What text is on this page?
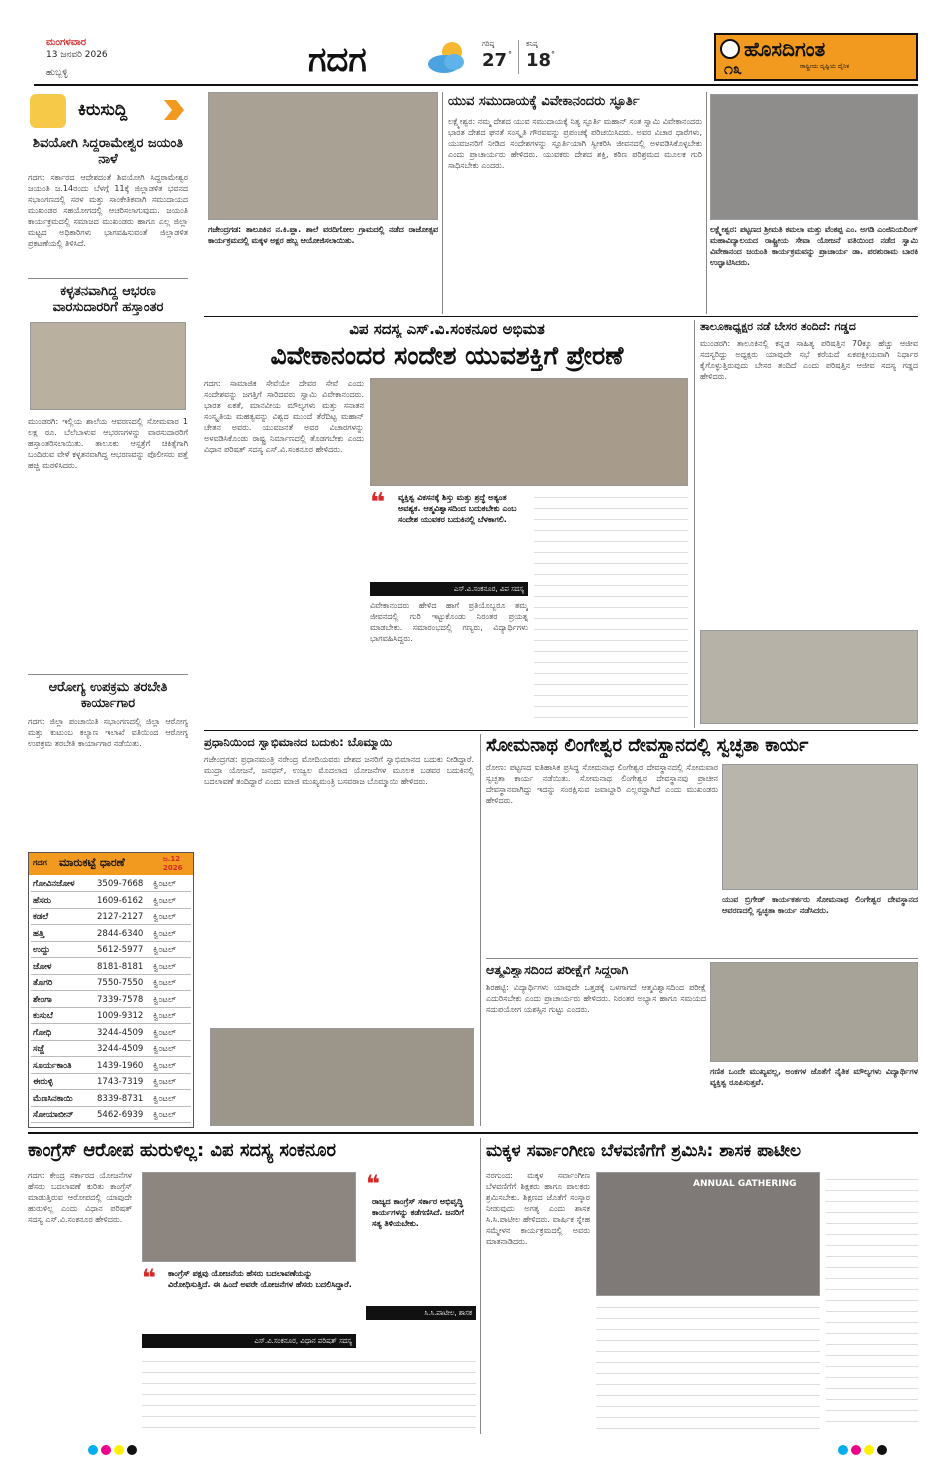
ಮಂಗಳವಾರ
13 ಜನವರಿ 2026
ಹುಬ್ಬಳ್ಳಿ	ಗದಗ	ಗರಿಷ್ಠ
27 °
ಕನಿಷ್ಠ
18 °	ಹೊಸದಿಗಂತ
ರಾಷ್ಟ್ರೀಯ ದೃಷ್ಟಿಯ ದೈನಿಕ
೧೩
ಕಿರುಸುದ್ದಿ
ಶಿವಯೋಗಿ ಸಿದ್ದರಾಮೇಶ್ವರ ಜಯಂತಿ ನಾಳೆ
ಗದಗ: ಸರ್ಕಾರದ ಆದೇಶದಂತೆ ಶಿವಯೋಗಿ ಸಿದ್ದರಾಮೇಶ್ವರ ಜಯಂತಿ ಜ.14ರಂದು ಬೆಳಗ್ಗೆ 11ಕ್ಕೆ ಜಿಲ್ಲಾಡಳಿತ ಭವನದ ಸಭಾಂಗಣದಲ್ಲಿ ಸರಳ ಮತ್ತು ಸಾಂಕೇತಿಕವಾಗಿ ಸಮುದಾಯದ ಮುಖಂಡರ ಸಹಯೋಗದಲ್ಲಿ ಆಚರಿಸಲಾಗುವುದು. ಜಯಂತಿ ಕಾರ್ಯಕ್ರಮದಲ್ಲಿ ಸಮಾಜದ ಮುಖಂಡರು ಹಾಗೂ ಎಲ್ಲ ಜಿಲ್ಲಾ ಮಟ್ಟದ ಅಧಿಕಾರಿಗಳು ಭಾಗವಹಿಸುವಂತೆ ಜಿಲ್ಲಾಡಳಿತ ಪ್ರಕಟಣೆಯಲ್ಲಿ ತಿಳಿಸಿದೆ.
ಕಳ್ಳತನವಾಗಿದ್ದ ಆಭರಣ ವಾರಸುದಾರರಿಗೆ ಹಸ್ತಾಂತರ
ಮುಂಡರಗಿ: ಇಲ್ಲಿಯ ಶಾಲೆಯ ಆವರಣದಲ್ಲಿ ಸೋಮವಾರ 1 ಲಕ್ಷ ರೂ. ಬೆಲೆಬಾಳುವ ಆಭರಣಗಳನ್ನು ವಾರಸುದಾರರಿಗೆ ಹಸ್ತಾಂತರಿಸಲಾಯಿತು. ತಾಲೂಕು ಆಸ್ಪತ್ರೆಗೆ ಚಿಕಿತ್ಸೆಗಾಗಿ ಬಂದಿರುವ ವೇಳೆ ಕಳ್ಳತನವಾಗಿದ್ದ ಆಭರಣವನ್ನು ಪೊಲೀಸರು ಪತ್ತೆ ಹಚ್ಚಿ ಮರಳಿಸಿದರು.
ಆರೋಗ್ಯ ಉಪಕ್ರಮ ತರಬೇತಿ ಕಾರ್ಯಾಗಾರ
ಗದಗ: ಜಿಲ್ಲಾ ಪಂಚಾಯಿತಿ ಸಭಾಂಗಣದಲ್ಲಿ ಜಿಲ್ಲಾ ಆರೋಗ್ಯ ಮತ್ತು ಕುಟುಂಬ ಕಲ್ಯಾಣ ಇಲಾಖೆ ವತಿಯಿಂದ ಆರೋಗ್ಯ ಉಪಕ್ರಮ ತರಬೇತಿ ಕಾರ್ಯಾಗಾರ ನಡೆಯಿತು.
ಗದಗ ಮಾರುಕಟ್ಟೆ ಧಾರಣೆ	ಜ.12 2026
ಗೋವಿನಜೋಳ	3509-7668	ಕ್ವಿಂಟಲ್
ಹೆಸರು	1609-6162	ಕ್ವಿಂಟಲ್
ಕಡಲೆ	2127-2127	ಕ್ವಿಂಟಲ್
ಹತ್ತಿ	2844-6340	ಕ್ವಿಂಟಲ್
ಉದ್ದು	5612-5977	ಕ್ವಿಂಟಲ್
ಜೋಳ	8181-8181	ಕ್ವಿಂಟಲ್
ತೊಗರಿ	7550-7550	ಕ್ವಿಂಟಲ್
ಶೇಂಗಾ	7339-7578	ಕ್ವಿಂಟಲ್
ಕುಸುಬೆ	1009-9312	ಕ್ವಿಂಟಲ್
ಗೋಧಿ	3244-4509	ಕ್ವಿಂಟಲ್
ಸಜ್ಜೆ	3244-4509	ಕ್ವಿಂಟಲ್
ಸೂರ್ಯಕಾಂತಿ	1439-1960	ಕ್ವಿಂಟಲ್
ಈರುಳ್ಳಿ	1743-7319	ಕ್ವಿಂಟಲ್
ಮೆಣಸಿನಕಾಯಿ	8339-8731	ಕ್ವಿಂಟಲ್
ಸೋಯಾಬೀನ್	5462-6939	ಕ್ವಿಂಟಲ್
ಗಜೇಂದ್ರಗಡ: ತಾಲೂಕಿನ ನ.ಕಿ.ಪ್ಲಾ. ಶಾಲೆ ವರದಿಗೋಲ ಗ್ರಾಮದಲ್ಲಿ ನಡೆದ ರಾಜೋತ್ಸವ ಕಾರ್ಯಕ್ರಮದಲ್ಲಿ ಮಕ್ಕಳ ಅಕ್ಷರ ಹಬ್ಬ ಆಯೋಜಿಸಲಾಯಿತು.
ಯುವ ಸಮುದಾಯಕ್ಕೆ ವಿವೇಕಾನಂದರು ಸ್ಫೂರ್ತಿ
ಲಕ್ಷ್ಮೇಶ್ವರ: ನಮ್ಮ ದೇಶದ ಯುವ ಸಮುದಾಯಕ್ಕೆ ನಿತ್ಯ ಸ್ಫೂರ್ತಿ ಮಹಾನ್ ಸಂತ ಸ್ವಾಮಿ ವಿವೇಕಾನಂದರು ಭಾರತ ದೇಶದ ಘನತೆ ಸಂಸ್ಕೃತಿ ಗೌರವವನ್ನು ಪ್ರಪಂಚಕ್ಕೆ ಪರಿಚಯಿಸಿದರು. ಅವರ ವಿಚಾರ ಧಾರೆಗಳು, ಯುವಜನರಿಗೆ ನೀಡಿದ ಸಂದೇಶಗಳನ್ನು ಸ್ಫೂರ್ತಿಯಾಗಿ ಸ್ವೀಕರಿಸಿ ಜೀವನದಲ್ಲಿ ಅಳವಡಿಸಿಕೊಳ್ಳಬೇಕು ಎಂದು ಪ್ರಾಚಾರ್ಯರು ಹೇಳಿದರು. ಯುವಕರು ದೇಶದ ಶಕ್ತಿ, ಕಠಿಣ ಪರಿಶ್ರಮದ ಮೂಲಕ ಗುರಿ ಸಾಧಿಸಬೇಕು ಎಂದರು.
ಲಕ್ಷ್ಮೇಶ್ವರ: ಪಟ್ಟಣದ ಶ್ರೀಮತಿ ಕಮಲಾ ಮತ್ತು ವೆಂಕಪ್ಪ ಎಂ. ಅಗಡಿ ಎಂಜಿನಿಯರಿಂಗ್ ಮಹಾವಿದ್ಯಾಲಯದ ರಾಷ್ಟ್ರೀಯ ಸೇವಾ ಯೋಜನೆ ವತಿಯಿಂದ ನಡೆದ ಸ್ವಾಮಿ ವಿವೇಕಾನಂದ ಜಯಂತಿ ಕಾರ್ಯಕ್ರಮವನ್ನು ಪ್ರಾಚಾರ್ಯ ಡಾ. ಪರಶುರಾಮ ಬಾರಕಿ ಉದ್ಘಾಟಿಸಿದರು.
ವಿಪ ಸದಸ್ಯ ಎಸ್.ವಿ.ಸಂಕನೂರ ಅಭಿಮತ
ವಿವೇಕಾನಂದರ ಸಂದೇಶ ಯುವಶಕ್ತಿಗೆ ಪ್ರೇರಣೆ
ಗದಗ: ಸಾಮಾಜಿಕ ಸೇವೆಯೇ ದೇವರ ಸೇವೆ ಎಂದು ಸಂದೇಶವನ್ನು ಜಗತ್ತಿಗೆ ಸಾರಿದವರು ಸ್ವಾಮಿ ವಿವೇಕಾನಂದರು. ಭಾರತ ಏಕತೆ, ಮಾನವೀಯ ಮೌಲ್ಯಗಳು ಮತ್ತು ಸನಾತನ ಸಂಸ್ಕೃತಿಯ ಮಹತ್ವವನ್ನು ವಿಶ್ವದ ಮುಂದೆ ತೆರೆದಿಟ್ಟ ಮಹಾನ್ ಚೇತನ ಅವರು. ಯುವಜನತೆ ಅವರ ವಿಚಾರಗಳನ್ನು ಅಳವಡಿಸಿಕೊಂಡು ರಾಷ್ಟ್ರ ನಿರ್ಮಾಣದಲ್ಲಿ ತೊಡಗಬೇಕು ಎಂದು ವಿಧಾನ ಪರಿಷತ್ ಸದಸ್ಯ ಎಸ್.ವಿ.ಸಂಕನೂರ ಹೇಳಿದರು.
❝ ವ್ಯಕ್ತಿತ್ವ ವಿಕಸನಕ್ಕೆ ಶಿಸ್ತು ಮತ್ತು ಶ್ರದ್ಧೆ ಅತ್ಯಂತ ಅವಶ್ಯಕ. ಆತ್ಮವಿಶ್ವಾಸದಿಂದ ಬದುಕಬೇಕು ಎಂಬ ಸಂದೇಶ ಯುವಕರ ಬದುಕಿನಲ್ಲಿ ಬೆಳಕಾಗಲಿ.
ಎಸ್.ವಿ.ಸಂಕನೂರ, ವಿಪ ಸದಸ್ಯ
ವಿವೇಕಾನಂದರು ಹೇಳಿದ ಹಾಗೆ ಪ್ರತಿಯೊಬ್ಬರೂ ತಮ್ಮ ಜೀವನದಲ್ಲಿ ಗುರಿ ಇಟ್ಟುಕೊಂಡು ನಿರಂತರ ಪ್ರಯತ್ನ ಮಾಡಬೇಕು. ಸಮಾರಂಭದಲ್ಲಿ ಗಣ್ಯರು, ವಿದ್ಯಾರ್ಥಿಗಳು ಭಾಗವಹಿಸಿದ್ದರು.
ತಾಲೂಕಾಧ್ಯಕ್ಷರ ನಡೆ ಬೇಸರ ತಂದಿದೆ: ಗಡ್ಡದ
ಮುಂಡರಗಿ: ತಾಲೂಕಿನಲ್ಲಿ ಕನ್ನಡ ಸಾಹಿತ್ಯ ಪರಿಷತ್ತಿನ 70ಕ್ಕೂ ಹೆಚ್ಚು ಆಜೀವ ಸದಸ್ಯರಿದ್ದು ಅಧ್ಯಕ್ಷರು ಯಾವುದೇ ಸಭೆ ಕರೆಯದೆ ಏಕಪಕ್ಷೀಯವಾಗಿ ನಿರ್ಧಾರ ಕೈಗೊಳ್ಳುತ್ತಿರುವುದು ಬೇಸರ ತಂದಿದೆ ಎಂದು ಪರಿಷತ್ತಿನ ಆಜೀವ ಸದಸ್ಯ ಗಡ್ಡದ ಹೇಳಿದರು.
ಪ್ರಧಾನಿಯಿಂದ ಸ್ವಾಭಿಮಾನದ ಬದುಕು: ಬೊಮ್ಮಾಯಿ
ಗಜೇಂದ್ರಗಡ: ಪ್ರಧಾನಮಂತ್ರಿ ನರೇಂದ್ರ ಮೋದಿಯವರು ದೇಶದ ಜನರಿಗೆ ಸ್ವಾಭಿಮಾನದ ಬದುಕು ನೀಡಿದ್ದಾರೆ. ಮುದ್ರಾ ಯೋಜನೆ, ಜನಧನ್, ಉಜ್ವಲ ಮೊದಲಾದ ಯೋಜನೆಗಳ ಮೂಲಕ ಬಡವರ ಬದುಕಿನಲ್ಲಿ ಬದಲಾವಣೆ ತಂದಿದ್ದಾರೆ ಎಂದು ಮಾಜಿ ಮುಖ್ಯಮಂತ್ರಿ ಬಸವರಾಜ ಬೊಮ್ಮಾಯಿ ಹೇಳಿದರು.
ಸೋಮನಾಥ ಲಿಂಗೇಶ್ವರ ದೇವಸ್ಥಾನದಲ್ಲಿ ಸ್ವಚ್ಛತಾ ಕಾರ್ಯ
ರೋಣ: ಪಟ್ಟಣದ ಐತಿಹಾಸಿಕ ಪ್ರಸಿದ್ಧ ಸೋಮನಾಥ ಲಿಂಗೇಶ್ವರ ದೇವಸ್ಥಾನದಲ್ಲಿ ಸೋಮವಾರ ಸ್ವಚ್ಛತಾ ಕಾರ್ಯ ನಡೆಯಿತು. ಸೋಮನಾಥ ಲಿಂಗೇಶ್ವರ ದೇವಸ್ಥಾನವು ಪ್ರಾಚೀನ ದೇವಸ್ಥಾನವಾಗಿದ್ದು ಇದನ್ನು ಸಂರಕ್ಷಿಸುವ ಜವಾಬ್ದಾರಿ ಎಲ್ಲರದ್ದಾಗಿದೆ ಎಂದು ಮುಖಂಡರು ಹೇಳಿದರು.
ಯುವ ಬ್ರಿಗೇಡ್ ಕಾರ್ಯಕರ್ತರು ಸೋಮನಾಥ ಲಿಂಗೇಶ್ವರ ದೇವಸ್ಥಾನದ ಆವರಣದಲ್ಲಿ ಸ್ವಚ್ಛತಾ ಕಾರ್ಯ ನಡೆಸಿದರು.
ಆತ್ಮವಿಶ್ವಾಸದಿಂದ ಪರೀಕ್ಷೆಗೆ ಸಿದ್ಧರಾಗಿ
ಶಿರಹಟ್ಟಿ: ವಿದ್ಯಾರ್ಥಿಗಳು ಯಾವುದೇ ಒತ್ತಡಕ್ಕೆ ಒಳಗಾಗದೆ ಆತ್ಮವಿಶ್ವಾಸದಿಂದ ಪರೀಕ್ಷೆ ಎದುರಿಸಬೇಕು ಎಂದು ಪ್ರಾಚಾರ್ಯರು ಹೇಳಿದರು. ನಿರಂತರ ಅಭ್ಯಾಸ ಹಾಗೂ ಸಮಯದ ಸದುಪಯೋಗ ಯಶಸ್ಸಿನ ಗುಟ್ಟು ಎಂದರು.
ಗಣಿತ ಒಂದೇ ಮುಖ್ಯವಲ್ಲ, ಅಂಕಗಳ ಜೊತೆಗೆ ನೈತಿಕ ಮೌಲ್ಯಗಳು ವಿದ್ಯಾರ್ಥಿಗಳ ವ್ಯಕ್ತಿತ್ವ ರೂಪಿಸುತ್ತವೆ.
ಕಾಂಗ್ರೆಸ್ ಆರೋಪ ಹುರುಳಿಲ್ಲ: ವಿಪ ಸದಸ್ಯ ಸಂಕನೂರ
ಗದಗ: ಕೇಂದ್ರ ಸರ್ಕಾರದ ಯೋಜನೆಗಳ ಹೆಸರು ಬದಲಾವಣೆ ಕುರಿತು ಕಾಂಗ್ರೆಸ್ ಮಾಡುತ್ತಿರುವ ಆರೋಪದಲ್ಲಿ ಯಾವುದೇ ಹುರುಳಿಲ್ಲ ಎಂದು ವಿಧಾನ ಪರಿಷತ್ ಸದಸ್ಯ ಎಸ್.ವಿ.ಸಂಕನೂರ ಹೇಳಿದರು.
❝ ಕಾಂಗ್ರೆಸ್ ಪಕ್ಷವು ಯೋಜನೆಯ ಹೆಸರು ಬದಲಾವಣೆಯನ್ನು ವಿರೋಧಿಸುತ್ತಿದೆ. ಈ ಹಿಂದೆ ಅವರೇ ಯೋಜನೆಗಳ ಹೆಸರು ಬದಲಿಸಿದ್ದಾರೆ.
ಎಸ್.ವಿ.ಸಂಕನೂರ, ವಿಧಾನ ಪರಿಷತ್ ಸದಸ್ಯ
❝
ರಾಜ್ಯದ ಕಾಂಗ್ರೆಸ್ ಸರ್ಕಾರ ಅಭಿವೃದ್ಧಿ ಕಾರ್ಯಗಳನ್ನು ಕಡೆಗಣಿಸಿದೆ. ಜನರಿಗೆ ಸತ್ಯ ತಿಳಿಯಬೇಕು.
ಸಿ.ಸಿ.ಪಾಟೀಲ, ಶಾಸಕ
ಮಕ್ಕಳ ಸರ್ವಾಂಗೀಣ ಬೆಳವಣಿಗೆಗೆ ಶ್ರಮಿಸಿ: ಶಾಸಕ ಪಾಟೀಲ
ನರಗುಂದ: ಮಕ್ಕಳ ಸರ್ವಾಂಗೀಣ ಬೆಳವಣಿಗೆಗೆ ಶಿಕ್ಷಕರು ಹಾಗೂ ಪಾಲಕರು ಶ್ರಮಿಸಬೇಕು. ಶಿಕ್ಷಣದ ಜೊತೆಗೆ ಸಂಸ್ಕಾರ ನೀಡುವುದು ಅಗತ್ಯ ಎಂದು ಶಾಸಕ ಸಿ.ಸಿ.ಪಾಟೀಲ ಹೇಳಿದರು. ವಾರ್ಷಿಕ ಸ್ನೇಹ ಸಮ್ಮೇಳನ ಕಾರ್ಯಕ್ರಮದಲ್ಲಿ ಅವರು ಮಾತನಾಡಿದರು.
ANNUAL GATHERING
